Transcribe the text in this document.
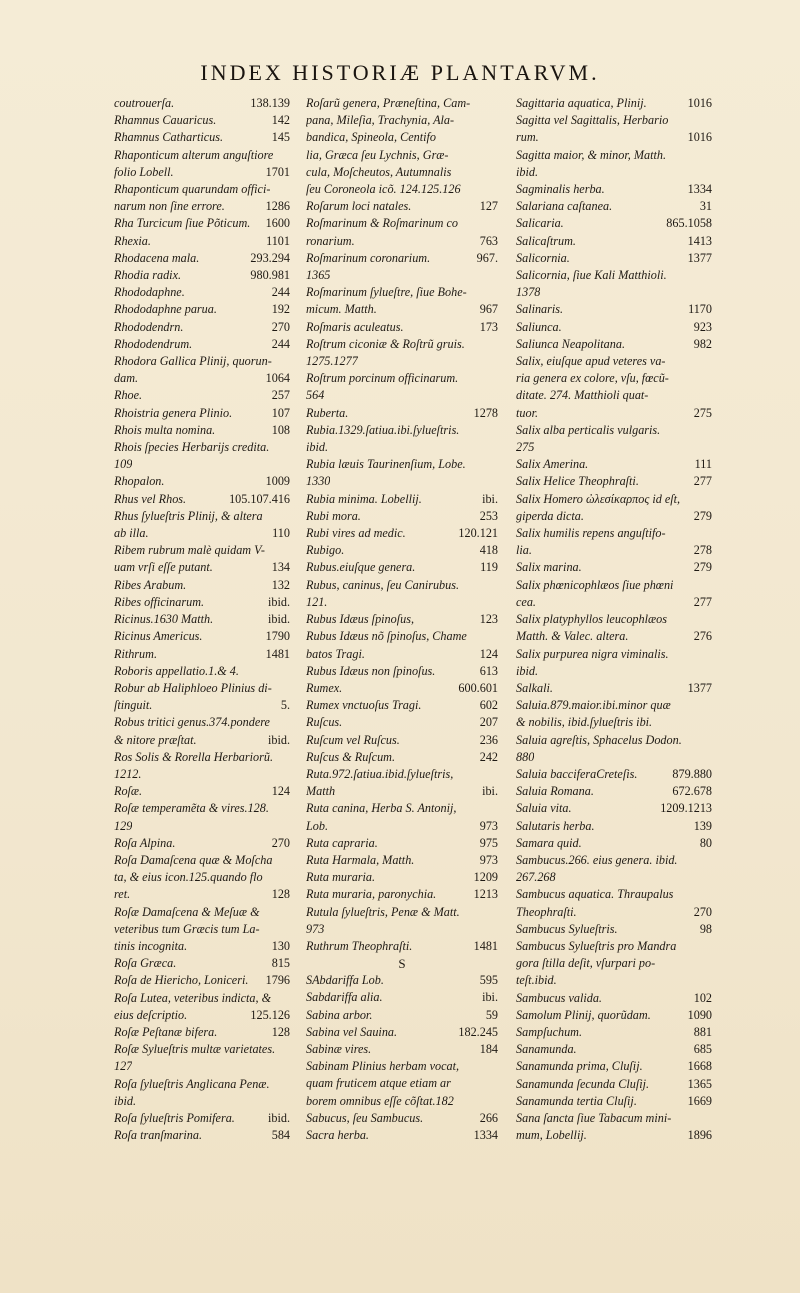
INDEX HISTORIÆ PLANTARVM.
coutrouerſa.	138.139
Rhamnus Cauaricus.	142
Rhamnus Catharticus.	145
Rhaponticum alterum anguſtiore
folio Lobell.	1701
Rhaponticum quarundam offici-
narum non ſine errore.	1286
Rha Turcicum ſiue Põticum.	1600
Rhexia.	1101
Rhodacena mala.	293.294
Rhodia radix.	980.981
Rhododaphne.	244
Rhododaphne parua.	192
Rhododendrn.	270
Rhododendrum.	244
Rhodora Gallica Plinij, quorun-
dam.	1064
Rhoe.	257
Rhoistria genera Plinio.	107
Rhois multa nomina.	108
Rhois ſpecies Herbarijs credita.
109
Rhopalon.	1009
Rhus vel Rhos.	105.107.416
Rhus ſylueſtris Plinij, & altera
ab illa.	110
Ribem rubrum malè quidam V-
uam vrſi eſſe putant.	134
Ribes Arabum.	132
Ribes officinarum.	ibid.
Ricinus.1630 Matth.	ibid.
Ricinus Americus.	1790
Rithrum.	1481
Roboris appellatio.1.& 4.
Robur ab Haliphloeo Plinius di-
ſtinguit.	5.
Robus tritici genus.374.pondere
& nitore præſtat.	ibid.
Ros Solis & Rorella Herbariorũ.
1212.
Roſæ.	124
Roſæ temperamẽta & vires.128.
129
Roſa Alpina.	270
Roſa Damaſcena quæ & Moſcha
ta, & eius icon.125.quando flo
ret.	128
Roſæ Damaſcena & Meſuæ &
veteribus tum Græcis tum La-
tinis incognita.	130
Roſa Græca.	815
Roſa de Hiericho, Loniceri.	1796
Roſa Lutea, veteribus indicta, &
eius deſcriptio.	125.126
Roſæ Peſtanæ bifera.	128
Roſæ Sylueſtris multæ varietates.
127
Roſa ſylueſtris Anglicana Penæ.
ibid.
Roſa ſylueſtris Pomifera.	ibid.
Roſa tranſmarina.	584
Roſarũ genera, Præneſtina, Cam-
pana, Mileſia, Trachynia, Ala-
bandica, Spineola, Centifo
lia, Græca ſeu Lychnis, Græ-
cula, Moſcheutos, Autumnalis
ſeu Coroneola icõ. 124.125.126
Roſarum loci natales.	127
Roſmarinum & Roſmarinum co
ronarium.	763
Roſmarinum coronarium.	967.
1365
Roſmarinum ſylueſtre, ſiue Bohe-
micum. Matth.	967
Roſmaris aculeatus.	173
Roſtrum ciconiæ & Roſtrũ gruis.
1275.1277
Roſtrum porcinum officinarum.
564
Ruberta.	1278
Rubia.1329.ſatiua.ibi.ſylueſtris.
ibid.
Rubia læuis Taurinenſium, Lobe.
1330
Rubia minima. Lobellij.	ibi.
Rubi mora.	253
Rubi vires ad medic.	120.121
Rubigo.	418
Rubus.eiuſque genera.	119
Rubus, caninus, ſeu Canirubus.
121.
Rubus Idæus ſpinoſus,	123
Rubus Idæus nõ ſpinoſus, Chame
batos Tragi.	124
Rubus Idæus non ſpinoſus.	613
Rumex.	600.601
Rumex vnctuoſus Tragi.	602
Ruſcus.	207
Ruſcum vel Ruſcus.	236
Ruſcus & Ruſcum.	242
Ruta.972.ſatiua.ibid.ſylueſtris,
Matth	ibi.
Ruta canina, Herba S. Antonij,
Lob.	973
Ruta capraria.	975
Ruta Harmala, Matth.	973
Ruta muraria.	1209
Ruta muraria, paronychia.	1213
Rutula ſylueſtris, Penæ & Matt.
973
Ruthrum Theophraſti.	1481
S
SAbdariffa Lob.	595
Sabdariffa alia.	ibi.
Sabina arbor.	59
Sabina vel Sauina.	182.245
Sabinæ vires.	184
Sabinam Plinius herbam vocat,
quam fruticem atque etiam ar
borem omnibus eſſe cõſtat.182
Sabucus, ſeu Sambucus.	266
Sacra herba.	1334
Sagittaria aquatica, Plinij.	1016
Sagitta vel Sagittalis, Herbario
rum.	1016
Sagitta maior, & minor, Matth.
ibid.
Sagminalis herba.	1334
Salariana caſtanea.	31
Salicaria.	865.1058
Salicaſtrum.	1413
Salicornia.	1377
Salicornia, ſiue Kali Matthioli.
1378
Salinaris.	1170
Saliunca.	923
Saliunca Neapolitana.	982
Salix, eiuſque apud veteres va-
ria genera ex colore, vſu, fœcũ-
ditate. 274. Matthioli quat-
tuor.	275
Salix alba perticalis vulgaris.
275
Salix Amerina.	111
Salix Helice Theophraſti.	277
Salix Homero ὠλεσίκαρπος id eſt,
giperda dicta.	279
Salix humilis repens anguſtifo-
lia.	278
Salix marina.	279
Salix phœnicophlæos ſiue phœni
cea.	277
Salix platyphyllos leucophlæos
Matth. & Valec. altera.	276
Salix purpurea nigra viminalis.
ibid.
Salkali.	1377
Saluia.879.maior.ibi.minor quæ
& nobilis, ibid.ſylueſtris ibi.
Saluia agreſtis, Sphacelus Dodon.
880
Saluia bacciferaCreteſis.	879.880
Saluia Romana.	672.678
Saluia vita.	1209.1213
Salutaris herba.	139
Samara quid.	80
Sambucus.266. eius genera. ibid.
267.268
Sambucus aquatica. Thraupalus
Theophraſti.	270
Sambucus Sylueſtris.	98
Sambucus Sylueſtris pro Mandra
gora ſtilla deſit, vſurpari po-
teſt.ibid.
Sambucus valida.	102
Samolum Plinij, quorũdam.	1090
Sampſuchum.	881
Sanamunda.	685
Sanamunda prima, Cluſij.	1668
Sanamunda ſecunda Cluſij.	1365
Sanamunda tertia Cluſij.	1669
Sana ſancta ſiue Tabacum mini-
mum, Lobellij.	1896
